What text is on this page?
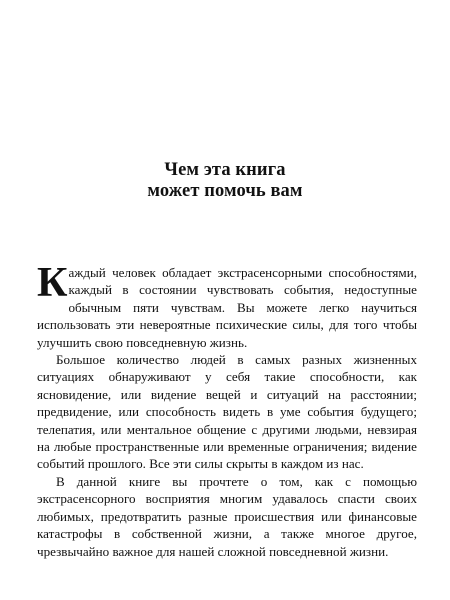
Чем эта книга
может помочь вам

Каждый человек обладает экстрасенсорными способностями, каждый в состоянии чувствовать события, недоступные обычным пяти чувствам. Вы можете легко научиться использовать эти невероятные психические силы, для того чтобы улучшить свою повседневную жизнь.

Большое количество людей в самых разных жизненных ситуациях обнаруживают у себя такие способности, как ясновидение, или видение вещей и ситуаций на расстоянии; предвидение, или способность видеть в уме события будущего; телепатия, или ментальное общение с другими людьми, невзирая на любые пространственные или временные ограничения; видение событий прошлого. Все эти силы скрыты в каждом из нас.

В данной книге вы прочтете о том, как с помощью экстрасенсорного восприятия многим удавалось спасти своих любимых, предотвратить разные происшествия или финансовые катастрофы в собственной жизни, а также многое другое, чрезвычайно важное для нашей сложной повседневной жизни.
